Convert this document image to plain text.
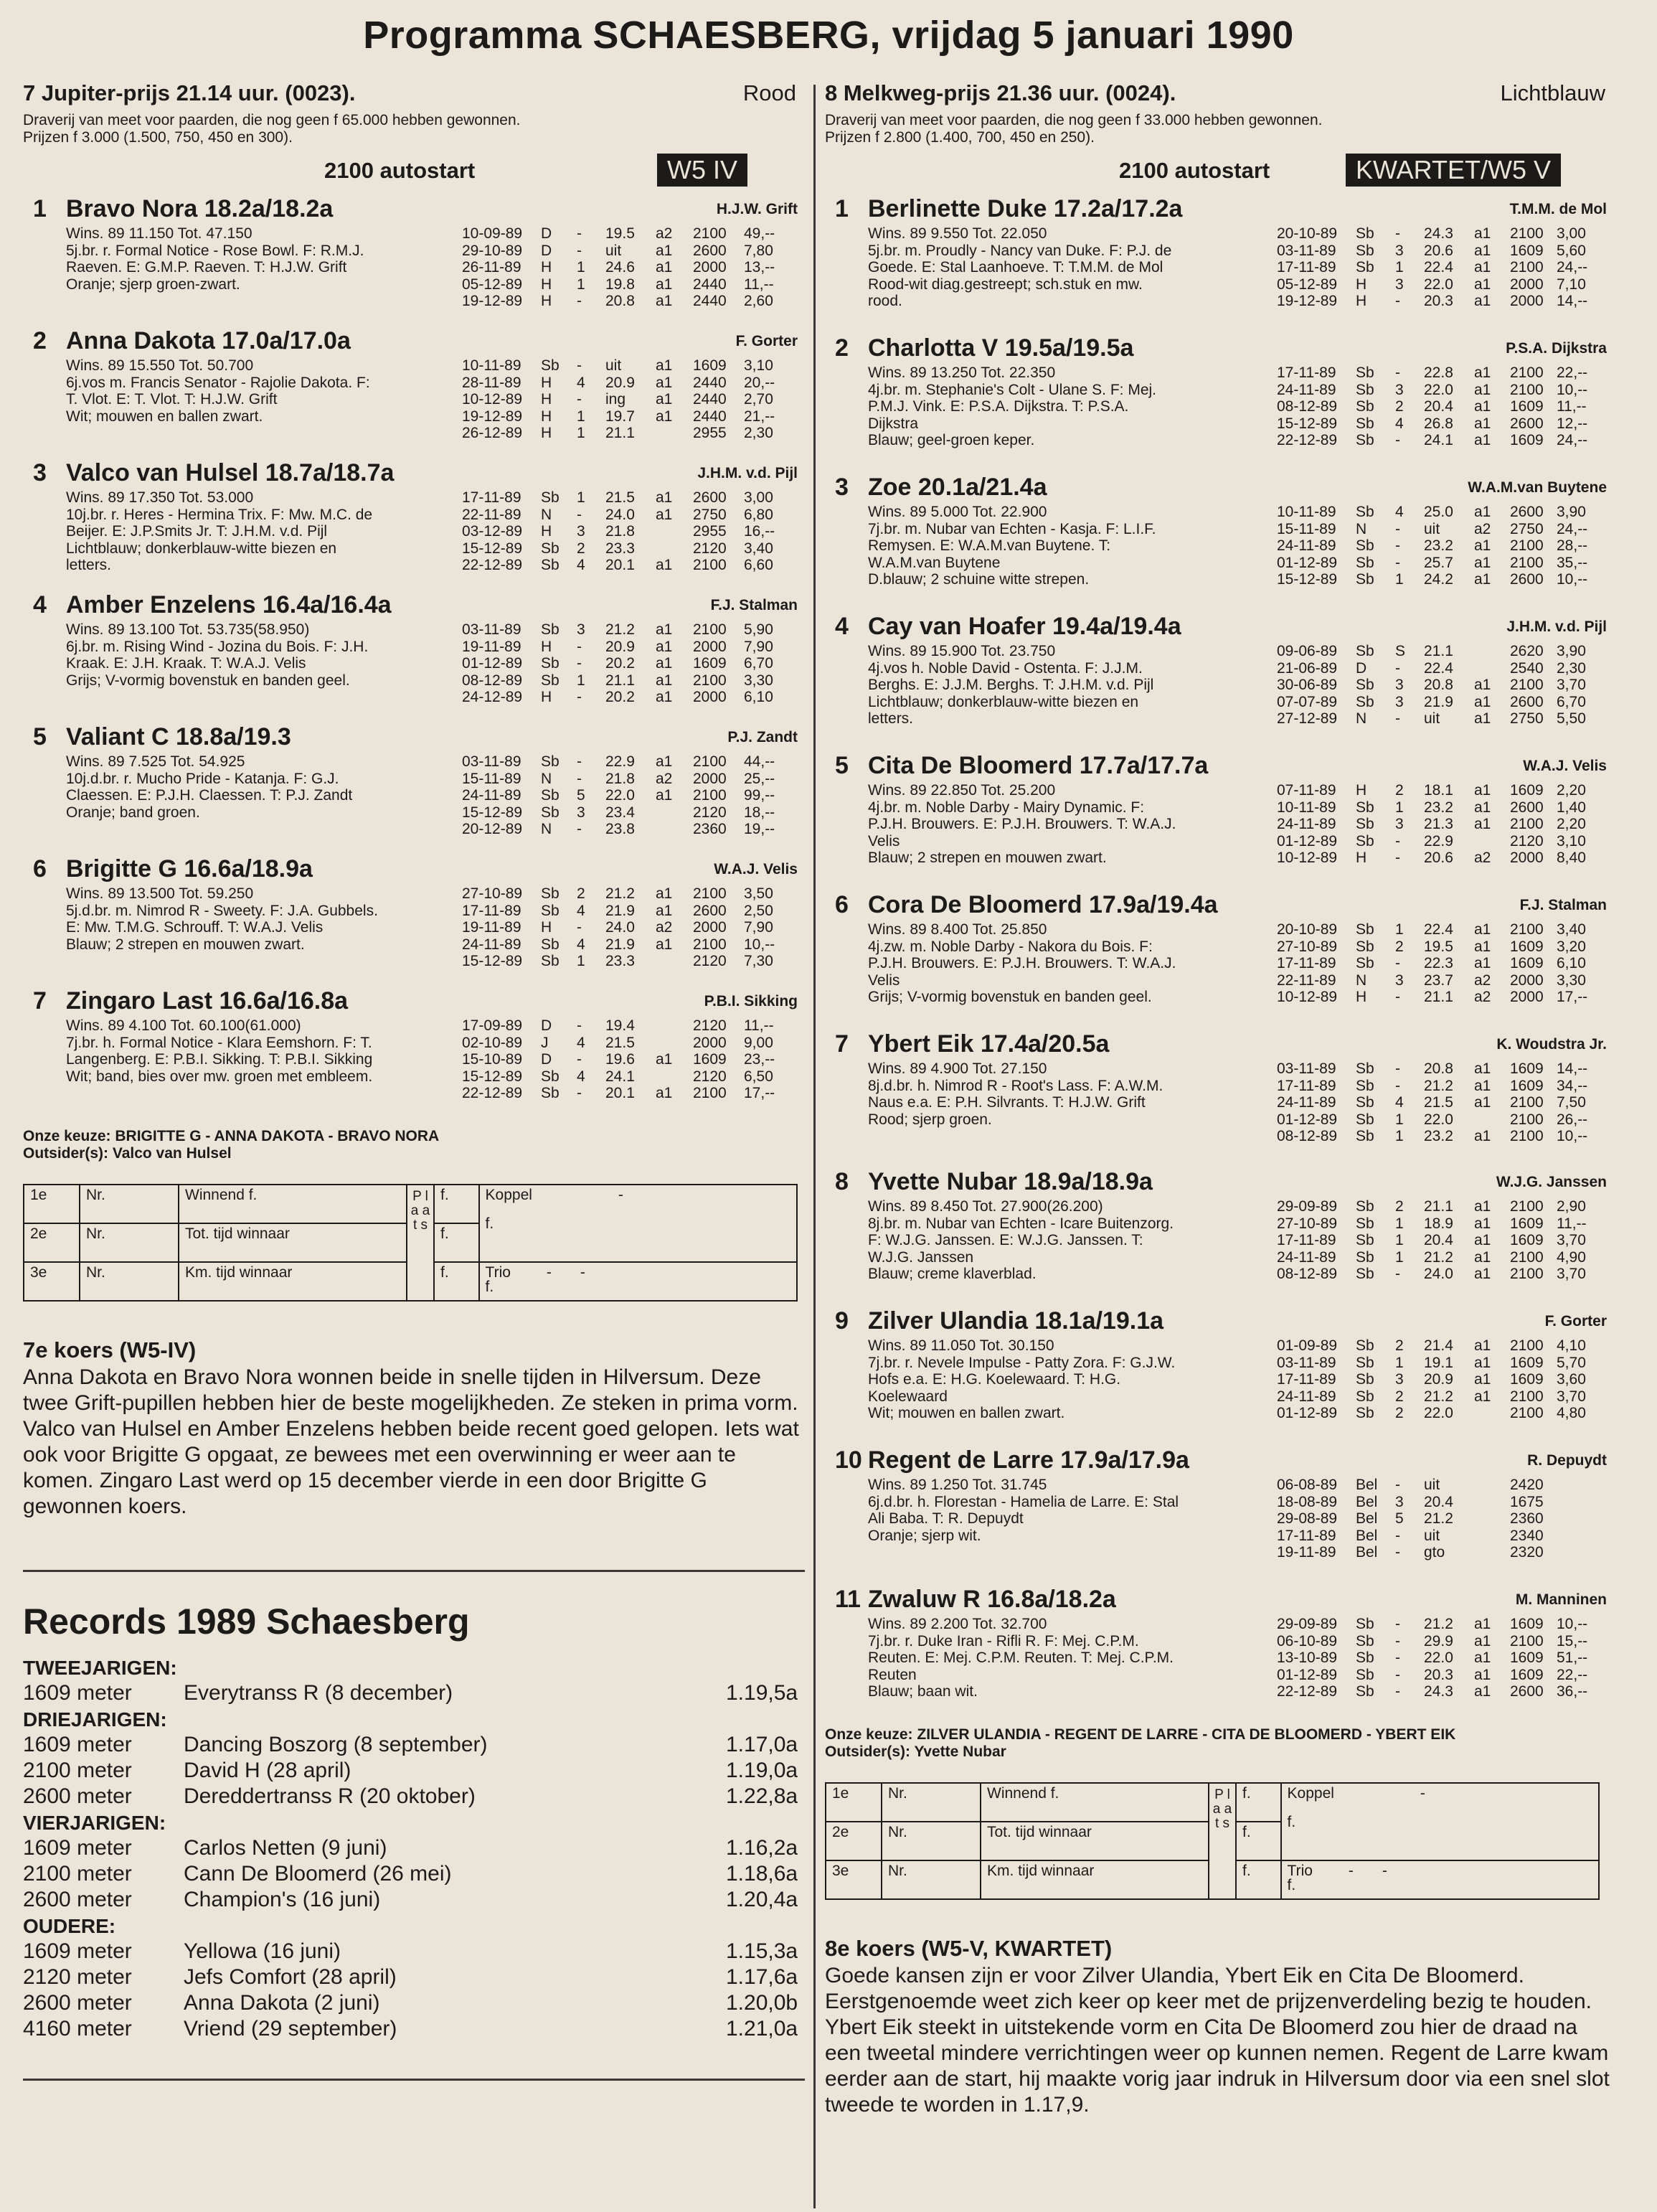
Programma SCHAESBERG, vrijdag 5 januari 1990
7 Jupiter-prijs 21.14 uur. (0023).	Rood
Draverij van meet voor paarden, die nog geen f 65.000 hebben gewonnen.
Prijzen f 3.000 (1.500, 750, 450 en 300).
2100 autostart	W5 IV
1 Bravo Nora 18.2a/18.2a	H.J.W. Grift
Wins. 89 11.150 Tot. 47.150
5j.br. r. Formal Notice - Rose Bowl. F: R.M.J.
Raeven. E: G.M.P. Raeven. T: H.J.W. Grift
Oranje; sjerp groen-zwart.
10-09-89 D - 19.5 a2 2100 49,--
29-10-89 D - uit a1 2600 7,80
26-11-89 H 1 24.6 a1 2000 13,--
05-12-89 H 1 19.8 a1 2440 11,--
19-12-89 H - 20.8 a1 2440 2,60
2 Anna Dakota 17.0a/17.0a	F. Gorter
Wins. 89 15.550 Tot. 50.700
6j.vos m. Francis Senator - Rajolie Dakota. F:
T. Vlot. E: T. Vlot. T: H.J.W. Grift
Wit; mouwen en ballen zwart.
10-11-89 Sb - uit a1 1609 3,10
28-11-89 H 4 20.9 a1 2440 20,--
10-12-89 H - ing a1 2440 2,70
19-12-89 H 1 19.7 a1 2440 21,--
26-12-89 H 1 21.1	2955 2,30
3 Valco van Hulsel 18.7a/18.7a	J.H.M. v.d. Pijl
Wins. 89 17.350 Tot. 53.000
10j.br. r. Heres - Hermina Trix. F: Mw. M.C. de
Beijer. E: J.P.Smits Jr. T: J.H.M. v.d. Pijl
Lichtblauw; donkerblauw-witte biezen en
letters.
17-11-89 Sb 1 21.5 a1 2600 3,00
22-11-89 N - 24.0 a1 2750 6,80
03-12-89 H 3 21.8	2955 16,--
15-12-89 Sb 2 23.3	2120 3,40
22-12-89 Sb 4 20.1 a1 2100 6,60
4 Amber Enzelens 16.4a/16.4a	F.J. Stalman
Wins. 89 13.100 Tot. 53.735(58.950)
6j.br. m. Rising Wind - Jozina du Bois. F: J.H.
Kraak. E: J.H. Kraak. T: W.A.J. Velis
Grijs; V-vormig bovenstuk en banden geel.
03-11-89 Sb 3 21.2 a1 2100 5,90
19-11-89 H - 20.9 a1 2000 7,90
01-12-89 Sb - 20.2 a1 1609 6,70
08-12-89 Sb 1 21.1 a1 2100 3,30
24-12-89 H - 20.2 a1 2000 6,10
5 Valiant C 18.8a/19.3	P.J. Zandt
Wins. 89 7.525 Tot. 54.925
10j.d.br. r. Mucho Pride - Katanja. F: G.J.
Claessen. E: P.J.H. Claessen. T: P.J. Zandt
Oranje; band groen.
03-11-89 Sb - 22.9 a1 2100 44,--
15-11-89 N - 21.8 a2 2000 25,--
24-11-89 Sb 5 22.0 a1 2100 99,--
15-12-89 Sb 3 23.4	2120 18,--
20-12-89 N - 23.8	2360 19,--
6 Brigitte G 16.6a/18.9a	W.A.J. Velis
Wins. 89 13.500 Tot. 59.250
5j.d.br. m. Nimrod R - Sweety. F: J.A. Gubbels.
E: Mw. T.M.G. Schrouff. T: W.A.J. Velis
Blauw; 2 strepen en mouwen zwart.
27-10-89 Sb 2 21.2 a1 2100 3,50
17-11-89 Sb 4 21.9 a1 2600 2,50
19-11-89 H - 24.0 a2 2000 7,90
24-11-89 Sb 4 21.9 a1 2100 10,--
15-12-89 Sb 1 23.3	2120 7,30
7 Zingaro Last 16.6a/16.8a	P.B.I. Sikking
Wins. 89 4.100 Tot. 60.100(61.000)
7j.br. h. Formal Notice - Klara Eemshorn. F: T.
Langenberg. E: P.B.I. Sikking. T: P.B.I. Sikking
Wit; band, bies over mw. groen met embleem.
17-09-89 D - 19.4	2120 11,--
02-10-89 J 4 21.5	2000 9,00
15-10-89 D - 19.6 a1 1609 23,--
15-12-89 Sb 4 24.1	2120 6,50
22-12-89 Sb - 20.1 a1 2100 17,--
Onze keuze: BRIGITTE G - ANNA DAKOTA - BRAVO NORA
Outsider(s): Valco van Hulsel
1e	Nr.	Winnend f.	P l a a t s	f.	Koppel -

f.
2e	Nr.	Tot. tijd winnaar		f.	
3e	Nr.	Km. tijd winnaar		f.	Trio - -
f.
7e koers (W5-IV)
Anna Dakota en Bravo Nora wonnen beide in snelle tijden in Hilversum. Deze twee Grift-pupillen hebben hier de beste mogelijkheden. Ze steken in prima vorm. Valco van Hulsel en Amber Enzelens hebben beide recent goed gelopen. Iets wat ook voor Brigitte G opgaat, ze bewees met een overwinning er weer aan te komen. Zingaro Last werd op 15 december vierde in een door Brigitte G gewonnen koers.
Records 1989 Schaesberg
TWEEJARIGEN:
1609 meter Everytranss R (8 december)	1.19,5a
DRIEJARIGEN:
1609 meter Dancing Boszorg (8 september)	1.17,0a
2100 meter David H (28 april)	1.19,0a
2600 meter Dereddertranss R (20 oktober)	1.22,8a
VIERJARIGEN:
1609 meter Carlos Netten (9 juni)	1.16,2a
2100 meter Cann De Bloomerd (26 mei)	1.18,6a
2600 meter Champion's (16 juni)	1.20,4a
OUDERE:
1609 meter Yellowa (16 juni)	1.15,3a
2120 meter Jefs Comfort (28 april)	1.17,6a
2600 meter Anna Dakota (2 juni)	1.20,0b
4160 meter Vriend (29 september)	1.21,0a
8 Melkweg-prijs 21.36 uur. (0024).	Lichtblauw
Draverij van meet voor paarden, die nog geen f 33.000 hebben gewonnen.
Prijzen f 2.800 (1.400, 700, 450 en 250).
2100 autostart	KWARTET/W5 V
1 Berlinette Duke 17.2a/17.2a	T.M.M. de Mol
Wins. 89 9.550 Tot. 22.050
5j.br. m. Proudly - Nancy van Duke. F: P.J. de
Goede. E: Stal Laanhoeve. T: T.M.M. de Mol
Rood-wit diag.gestreept; sch.stuk en mw.
rood.
20-10-89 Sb - 24.3 a1 2100 3,00
03-11-89 Sb 3 20.6 a1 1609 5,60
17-11-89 Sb 1 22.4 a1 2100 24,--
05-12-89 H 3 22.0 a1 2000 7,10
19-12-89 H - 20.3 a1 2000 14,--
2 Charlotta V 19.5a/19.5a	P.S.A. Dijkstra
Wins. 89 13.250 Tot. 22.350
4j.br. m. Stephanie's Colt - Ulane S. F: Mej.
P.M.J. Vink. E: P.S.A. Dijkstra. T: P.S.A.
Dijkstra
Blauw; geel-groen keper.
17-11-89 Sb - 22.8 a1 2100 22,--
24-11-89 Sb 3 22.0 a1 2100 10,--
08-12-89 Sb 2 20.4 a1 1609 11,--
15-12-89 Sb 4 26.8 a1 2600 12,--
22-12-89 Sb - 24.1 a1 1609 24,--
3 Zoe 20.1a/21.4a	W.A.M.van Buytene
Wins. 89 5.000 Tot. 22.900
7j.br. m. Nubar van Echten - Kasja. F: L.I.F.
Remysen. E: W.A.M.van Buytene. T:
W.A.M.van Buytene
D.blauw; 2 schuine witte strepen.
10-11-89 Sb 4 25.0 a1 2600 3,90
15-11-89 N - uit a2 2750 24,--
24-11-89 Sb - 23.2 a1 2100 28,--
01-12-89 Sb - 25.7 a1 2100 35,--
15-12-89 Sb 1 24.2 a1 2600 10,--
4 Cay van Hoafer 19.4a/19.4a	J.H.M. v.d. Pijl
Wins. 89 15.900 Tot. 23.750
4j.vos h. Noble David - Ostenta. F: J.J.M.
Berghs. E: J.J.M. Berghs. T: J.H.M. v.d. Pijl
Lichtblauw; donkerblauw-witte biezen en
letters.
09-06-89 Sb S 21.1	2620 3,90
21-06-89 D - 22.4	2540 2,30
30-06-89 Sb 3 20.8 a1 2100 3,70
07-07-89 Sb 3 21.9 a1 2600 6,70
27-12-89 N - uit a1 2750 5,50
5 Cita De Bloomerd 17.7a/17.7a	W.A.J. Velis
Wins. 89 22.850 Tot. 25.200
4j.br. m. Noble Darby - Mairy Dynamic. F:
P.J.H. Brouwers. E: P.J.H. Brouwers. T: W.A.J.
Velis
Blauw; 2 strepen en mouwen zwart.
07-11-89 H 2 18.1 a1 1609 2,20
10-11-89 Sb 1 23.2 a1 2600 1,40
24-11-89 Sb 3 21.3 a1 2100 2,20
01-12-89 Sb - 22.9	2120 3,10
10-12-89 H - 20.6 a2 2000 8,40
6 Cora De Bloomerd 17.9a/19.4a	F.J. Stalman
Wins. 89 8.400 Tot. 25.850
4j.zw. m. Noble Darby - Nakora du Bois. F:
P.J.H. Brouwers. E: P.J.H. Brouwers. T: W.A.J.
Velis
Grijs; V-vormig bovenstuk en banden geel.
20-10-89 Sb 1 22.4 a1 2100 3,40
27-10-89 Sb 2 19.5 a1 1609 3,20
17-11-89 Sb - 22.3 a1 1609 6,10
22-11-89 N 3 23.7 a2 2000 3,30
10-12-89 H - 21.1 a2 2000 17,--
7 Ybert Eik 17.4a/20.5a	K. Woudstra Jr.
Wins. 89 4.900 Tot. 27.150
8j.d.br. h. Nimrod R - Root's Lass. F: A.W.M.
Naus e.a. E: P.H. Silvrants. T: H.J.W. Grift
Rood; sjerp groen.
03-11-89 Sb - 20.8 a1 1609 14,--
17-11-89 Sb - 21.2 a1 1609 34,--
24-11-89 Sb 4 21.5 a1 2100 7,50
01-12-89 Sb 1 22.0	2100 26,--
08-12-89 Sb 1 23.2 a1 2100 10,--
8 Yvette Nubar 18.9a/18.9a	W.J.G. Janssen
Wins. 89 8.450 Tot. 27.900(26.200)
8j.br. m. Nubar van Echten - Icare Buitenzorg.
F: W.J.G. Janssen. E: W.J.G. Janssen. T:
W.J.G. Janssen
Blauw; creme klaverblad.
29-09-89 Sb 2 21.1 a1 2100 2,90
27-10-89 Sb 1 18.9 a1 1609 11,--
17-11-89 Sb 1 20.4 a1 1609 3,70
24-11-89 Sb 1 21.2 a1 2100 4,90
08-12-89 Sb - 24.0 a1 2100 3,70
9 Zilver Ulandia 18.1a/19.1a	F. Gorter
Wins. 89 11.050 Tot. 30.150
7j.br. r. Nevele Impulse - Patty Zora. F: G.J.W.
Hofs e.a. E: H.G. Koelewaard. T: H.G.
Koelewaard
Wit; mouwen en ballen zwart.
01-09-89 Sb 2 21.4 a1 2100 4,10
03-11-89 Sb 1 19.1 a1 1609 5,70
17-11-89 Sb 3 20.9 a1 1609 3,60
24-11-89 Sb 2 21.2 a1 2100 3,70
01-12-89 Sb 2 22.0	2100 4,80
10 Regent de Larre 17.9a/17.9a	R. Depuydt
Wins. 89 1.250 Tot. 31.745
6j.d.br. h. Florestan - Hamelia de Larre. E: Stal
Ali Baba. T: R. Depuydt
Oranje; sjerp wit.
06-08-89 Bel - uit	2420
18-08-89 Bel 3 20.4	1675
29-08-89 Bel 5 21.2	2360
17-11-89 Bel - uit	2340
19-11-89 Bel - gto	2320
11 Zwaluw R 16.8a/18.2a	M. Manninen
Wins. 89 2.200 Tot. 32.700
7j.br. r. Duke Iran - Rifli R. F: Mej. C.P.M.
Reuten. E: Mej. C.P.M. Reuten. T: Mej. C.P.M.
Reuten
Blauw; baan wit.
29-09-89 Sb - 21.2 a1 1609 10,--
06-10-89 Sb - 29.9 a1 2100 15,--
13-10-89 Sb - 22.0 a1 1609 51,--
01-12-89 Sb - 20.3 a1 1609 22,--
22-12-89 Sb - 24.3 a1 2600 36,--
Onze keuze: ZILVER ULANDIA - REGENT DE LARRE - CITA DE BLOOMERD - YBERT EIK
Outsider(s): Yvette Nubar
1e	Nr.	Winnend f.	P l a a t s	f.	Koppel -

f.
2e	Nr.	Tot. tijd winnaar		f.	
3e	Nr.	Km. tijd winnaar		f.	Trio - -
f.
8e koers (W5-V, KWARTET)
Goede kansen zijn er voor Zilver Ulandia, Ybert Eik en Cita De Bloomerd. Eerstgenoemde weet zich keer op keer met de prijzenverdeling bezig te houden. Ybert Eik steekt in uitstekende vorm en Cita De Bloomerd zou hier de draad na een tweetal mindere verrichtingen weer op kunnen nemen. Regent de Larre kwam eerder aan de start, hij maakte vorig jaar indruk in Hilversum door via een snel slot tweede te worden in 1.17,9.
